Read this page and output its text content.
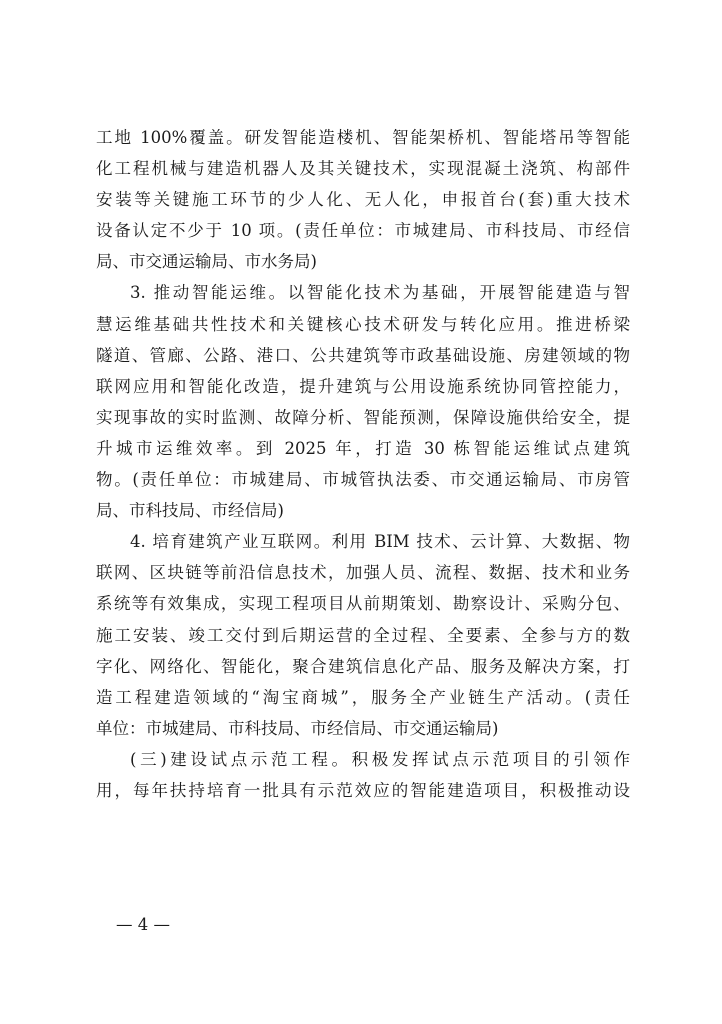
工地 100%覆盖。研发智能造楼机、智能架桥机、智能塔吊等智能
化工程机械与建造机器人及其关键技术，实现混凝土浇筑、构部件
安装等关键施工环节的少人化、无人化，申报首台(套)重大技术
设备认定不少于 10 项。(责任单位：市城建局、市科技局、市经信
局、市交通运输局、市水务局)
3. 推动智能运维。以智能化技术为基础，开展智能建造与智
慧运维基础共性技术和关键核心技术研发与转化应用。推进桥梁
隧道、管廊、公路、港口、公共建筑等市政基础设施、房建领域的物
联网应用和智能化改造，提升建筑与公用设施系统协同管控能力，
实现事故的实时监测、故障分析、智能预测，保障设施供给安全，提
升城市运维效率。到 2025 年，打造 30 栋智能运维试点建筑
物。(责任单位：市城建局、市城管执法委、市交通运输局、市房管
局、市科技局、市经信局)
4. 培育建筑产业互联网。利用 BIM 技术、云计算、大数据、物
联网、区块链等前沿信息技术，加强人员、流程、数据、技术和业务
系统等有效集成，实现工程项目从前期策划、勘察设计、采购分包、
施工安装、竣工交付到后期运营的全过程、全要素、全参与方的数
字化、网络化、智能化，聚合建筑信息化产品、服务及解决方案，打
造工程建造领域的“淘宝商城”，服务全产业链生产活动。(责任
单位：市城建局、市科技局、市经信局、市交通运输局)
(三)建设试点示范工程。积极发挥试点示范项目的引领作
用，每年扶持培育一批具有示范效应的智能建造项目，积极推动设
— 4 —
